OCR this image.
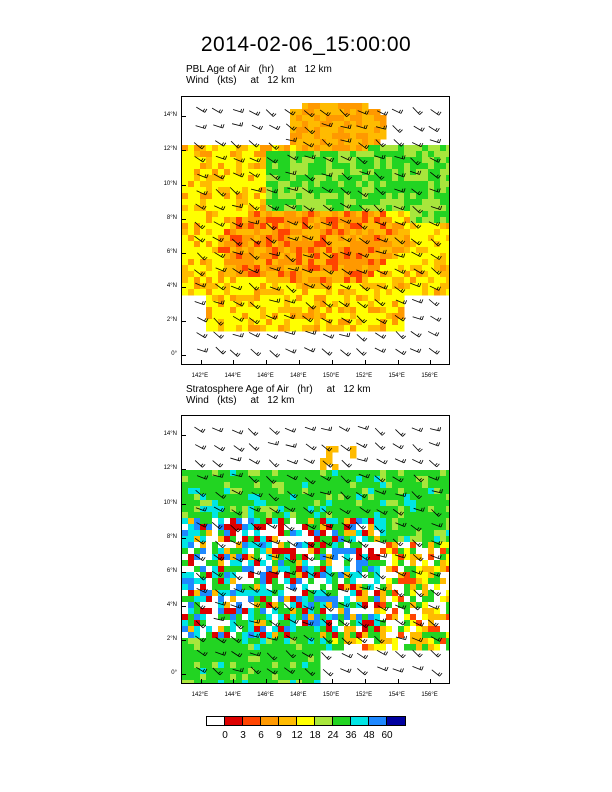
2014-02-06_15:00:00
PBL Age of Air (hr) at 12 km
Wind (kts) at 12 km
142°E	144°E	146°E	148°E	150°E	152°E	154°E	156°E
0°
2°N
4°N
6°N
8°N
10°N
12°N
14°N
Stratosphere Age of Air (hr) at 12 km
Wind (kts) at 12 km
142°E	144°E	146°E	148°E	150°E	152°E	154°E	156°E
0°
2°N
4°N
6°N
8°N
10°N
12°N
14°N
0 3 6 9 12 18 24 36 48 60
